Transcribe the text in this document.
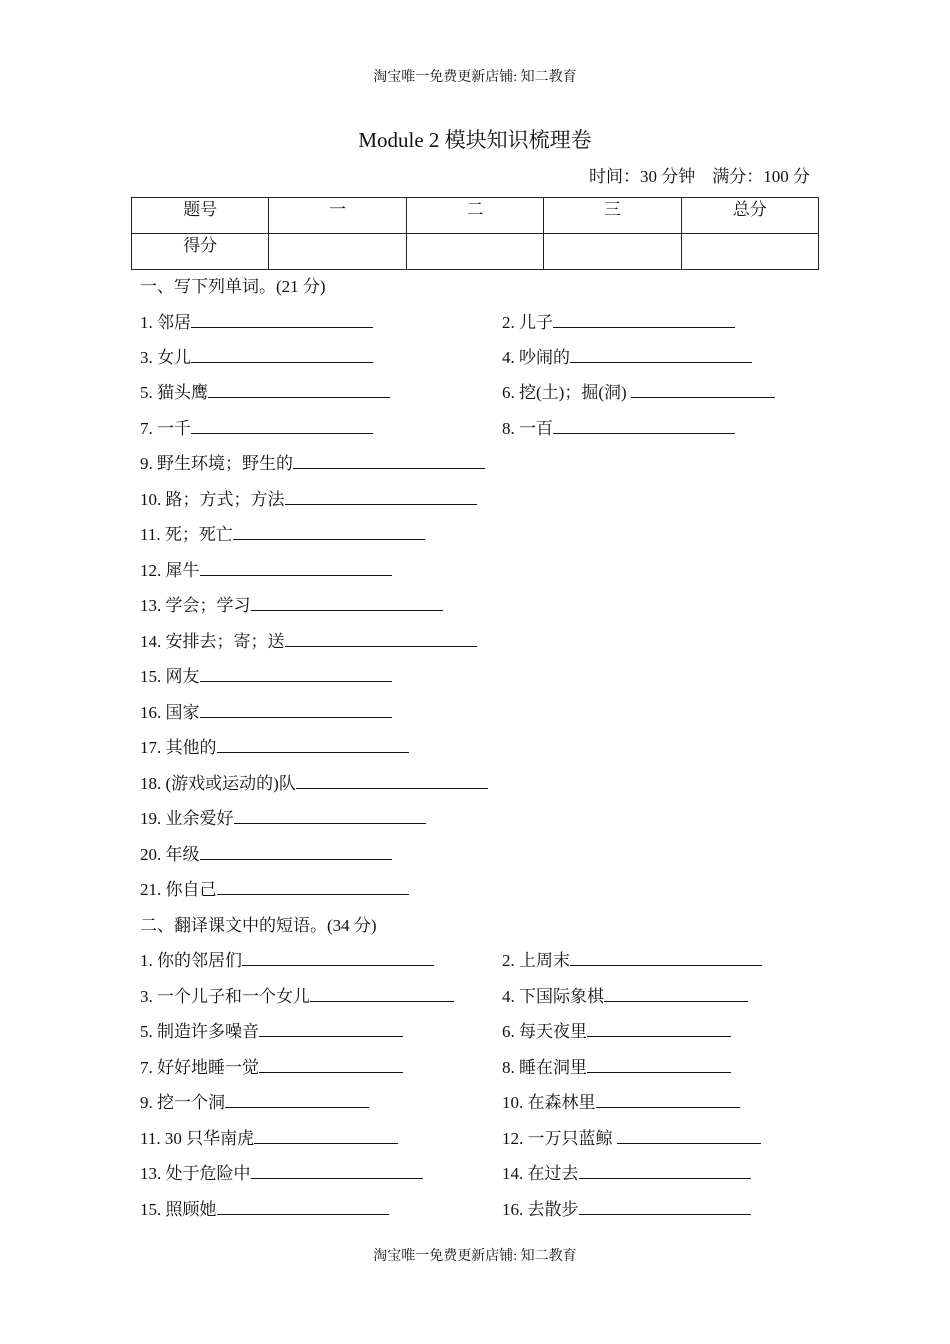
淘宝唯一免费更新店铺: 知二教育
Module 2 模块知识梳理卷
时间：30 分钟 满分：100 分
题号	一	二	三	总分
得分				
一、写下列单词。(21 分)
1. 邻居	2. 儿子
3. 女儿	4. 吵闹的
5. 猫头鹰	6. 挖(土)；掘(洞)
7. 一千	8. 一百
9. 野生环境；野生的
10. 路；方式；方法
11. 死；死亡
12. 犀牛
13. 学会；学习
14. 安排去；寄；送
15. 网友
16. 国家
17. 其他的
18. (游戏或运动的)队
19. 业余爱好
20. 年级
21. 你自己
二、翻译课文中的短语。(34 分)
1. 你的邻居们	2. 上周末
3. 一个儿子和一个女儿	4. 下国际象棋
5. 制造许多噪音	6. 每天夜里
7. 好好地睡一觉	8. 睡在洞里
9. 挖一个洞	10. 在森林里
11. 30 只华南虎	12. 一万只蓝鲸
13. 处于危险中	14. 在过去
15. 照顾她	16. 去散步
淘宝唯一免费更新店铺: 知二教育
